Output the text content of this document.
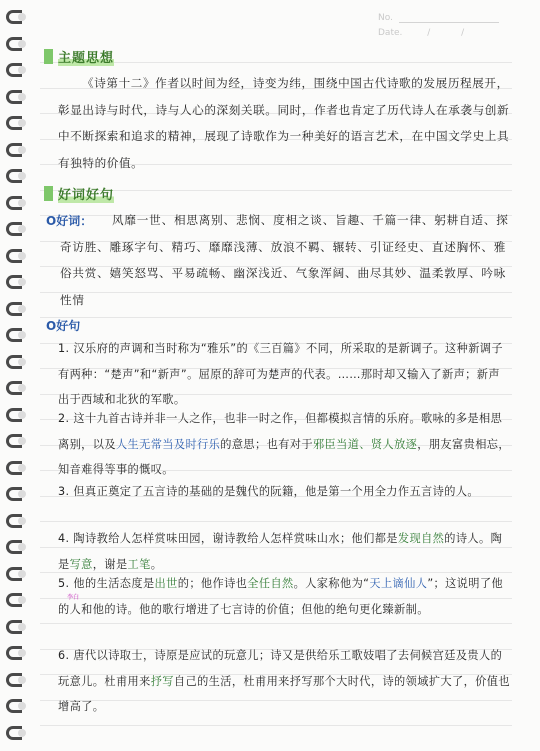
No.
Date.	/ /
主题思想
《诗第十二》作者以时间为经，诗变为纬，围绕中国古代诗歌的发展历程展开，彰显出诗与时代，诗与人心的深刻关联。同时，作者也肯定了历代诗人在承袭与创新中不断探索和追求的精神，展现了诗歌作为一种美好的语言艺术，在中国文学史上具有独特的价值。
好词好句
O好词：	风靡一世、相思离别、悲悯、度相之谈、旨趣、千篇一律、躬耕自适、探奇访胜、雕琢字句、精巧、靡靡浅薄、放浪不羁、辗转、引证经史、直述胸怀、雅俗共赏、嬉笑怒骂、平易疏畅、幽深浅近、气象浑阔、曲尽其妙、温柔敦厚、吟咏性情
O好句
1. 汉乐府的声调和当时称为“雅乐”的《三百篇》不同，所采取的是新调子。这种新调子有两种：“楚声”和“新声”。屈原的辞可为楚声的代表。……那时却又输入了新声；新声出于西域和北狄的军歌。
2. 这十九首古诗并非一人之作，也非一时之作，但都模拟言情的乐府。歌咏的多是相思离别，以及人生无常当及时行乐的意思；也有对于邪臣当道、贤人放逐，朋友富贵相忘，知音难得等事的慨叹。
3. 但真正奠定了五言诗的基础的是魏代的阮籍，他是第一个用全力作五言诗的人。
4. 陶诗教给人怎样赏味田园，谢诗教给人怎样赏味山水；他们都是发现自然的诗人。陶是写意，谢是工笔。
5. 他的生活态度是出世的；他作诗也全任自然。人家称他为“天上谪仙人”；这说明了他的人和他的诗。他的歌行增进了七言诗的价值；但他的绝句更化臻新制。
6. 唐代以诗取士，诗原是应试的玩意儿；诗又是供给乐工歌妓唱了去伺候宫廷及贵人的玩意儿。杜甫用来抒写自己的生活，杜甫用来抒写那个大时代，诗的领域扩大了，价值也增高了。
李白
